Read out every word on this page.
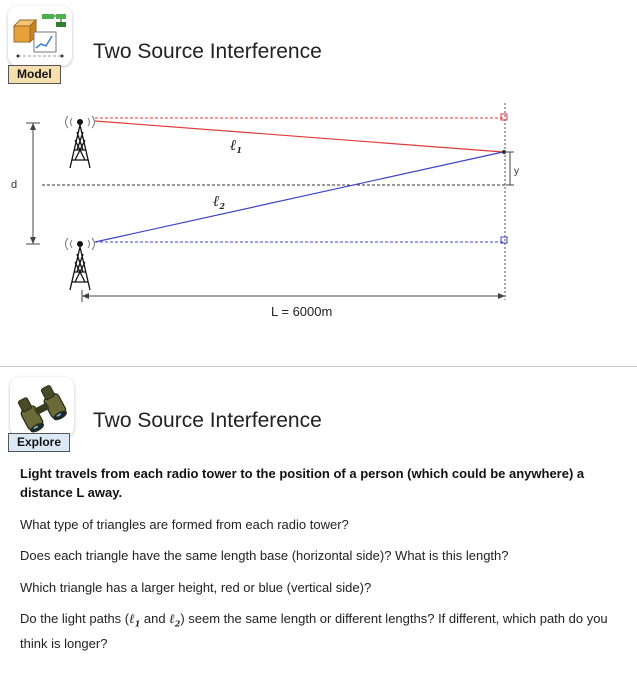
Model
Two Source Interference
d
y
ℓ$_1$
ℓ$_2$
L = 6000m
Explore
Two Source Interference
Light travels from each radio tower to the position of a person (which could be anywhere) a distance L away.
What type of triangles are formed from each radio tower?
Does each triangle have the same length base (horizontal side)? What is this length?
Which triangle has a larger height, red or blue (vertical side)?
Do the light paths (ℓ$_1$ and ℓ$_2$) seem the same length or different lengths? If different, which path do you think is longer?
